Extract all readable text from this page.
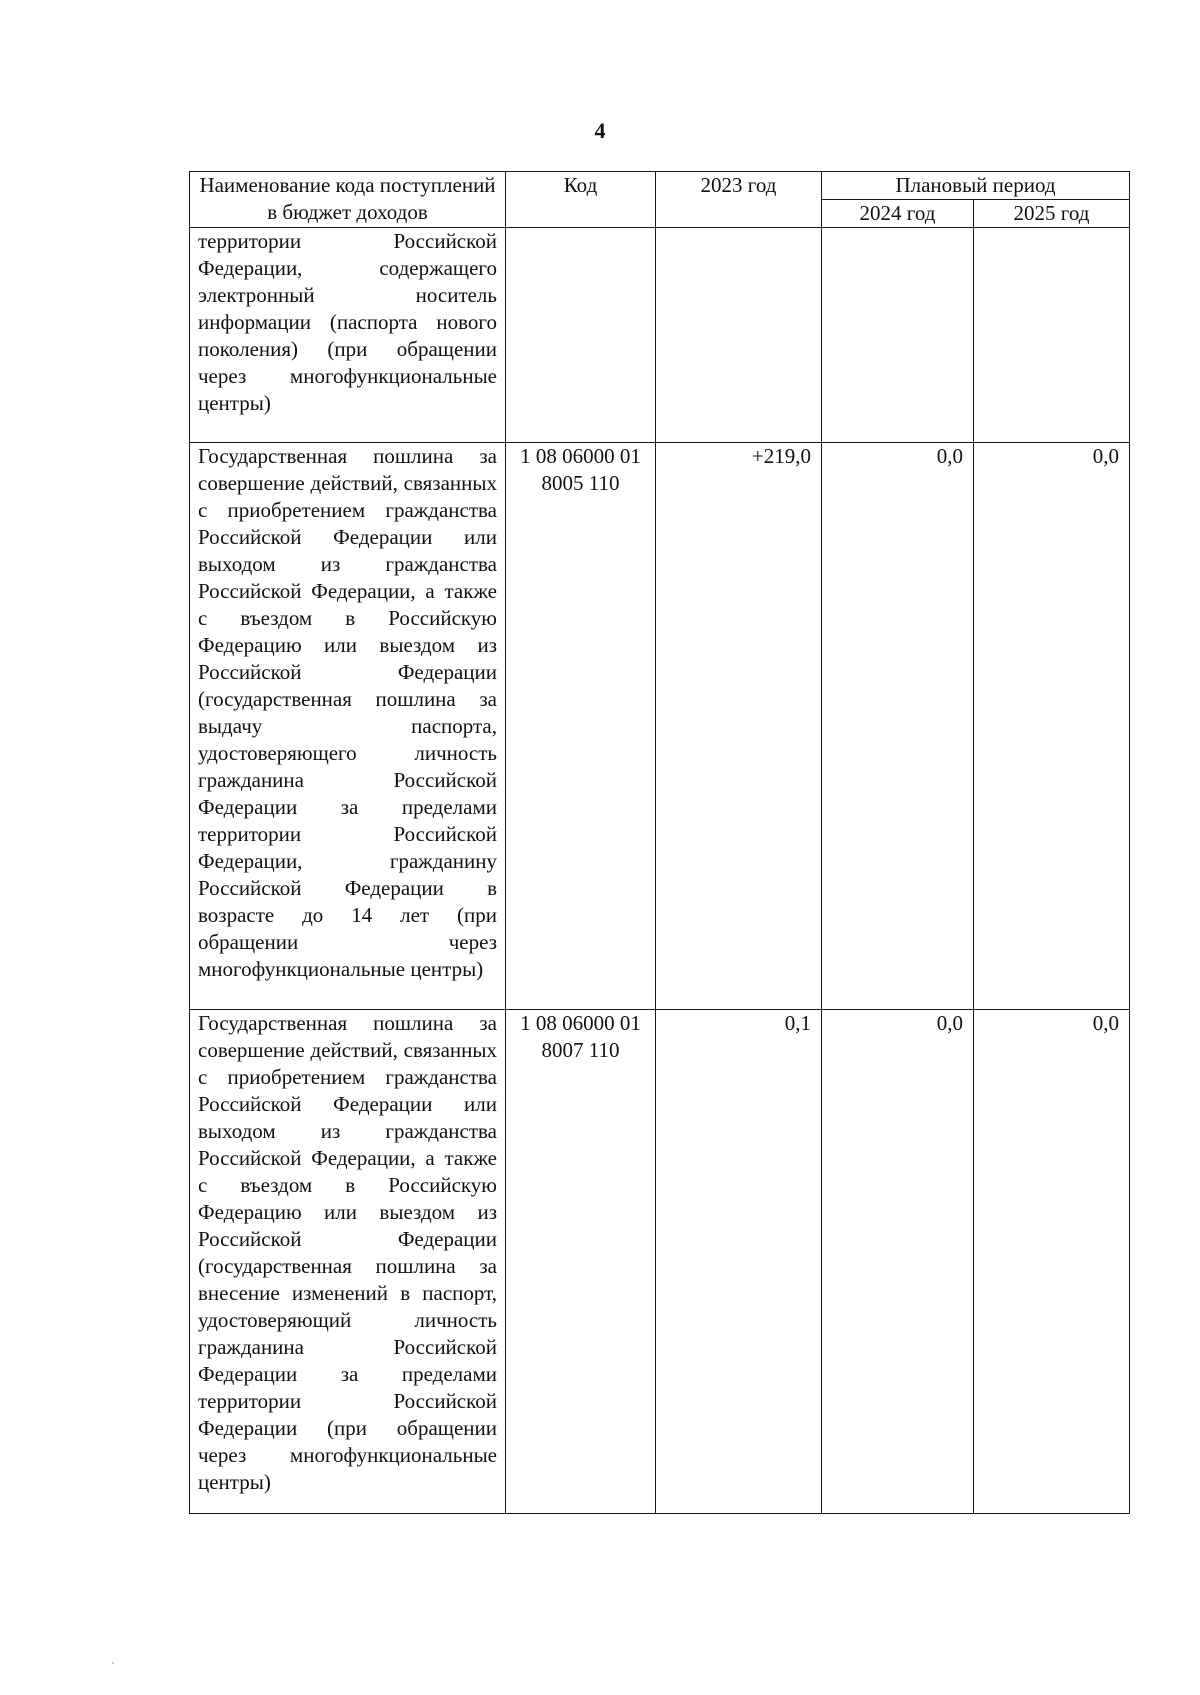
4
Наименование кода поступлений в бюджет доходов	Код	2023 год	Плановый период	
			2024 год	2025 год
территории Российской Федерации, содержащего электронный носитель информации (паспорта нового поколения) (при обращении через многофункциональные центры)				
Государственная пошлина за совершение действий, связанных с приобретением гражданства Российской Федерации или выходом из гражданства Российской Федерации, а также с въездом в Российскую Федерацию или выездом из Российской Федерации (государственная пошлина за выдачу паспорта, удостоверяющего личность гражданина Российской Федерации за пределами территории Российской Федерации, гражданину Российской Федерации в возрасте до 14 лет (при обращении через многофункциональные центры)	1 08 06000 01 8005 110	+219,0	0,0	0,0
Государственная пошлина за совершение действий, связанных с приобретением гражданства Российской Федерации или выходом из гражданства Российской Федерации, а также с въездом в Российскую Федерацию или выездом из Российской Федерации (государственная пошлина за внесение изменений в паспорт, удостоверяющий личность гражданина Российской Федерации за пределами территории Российской Федерации (при обращении через многофункциональные центры)	1 08 06000 01 8007 110	0,1	0,0	0,0
